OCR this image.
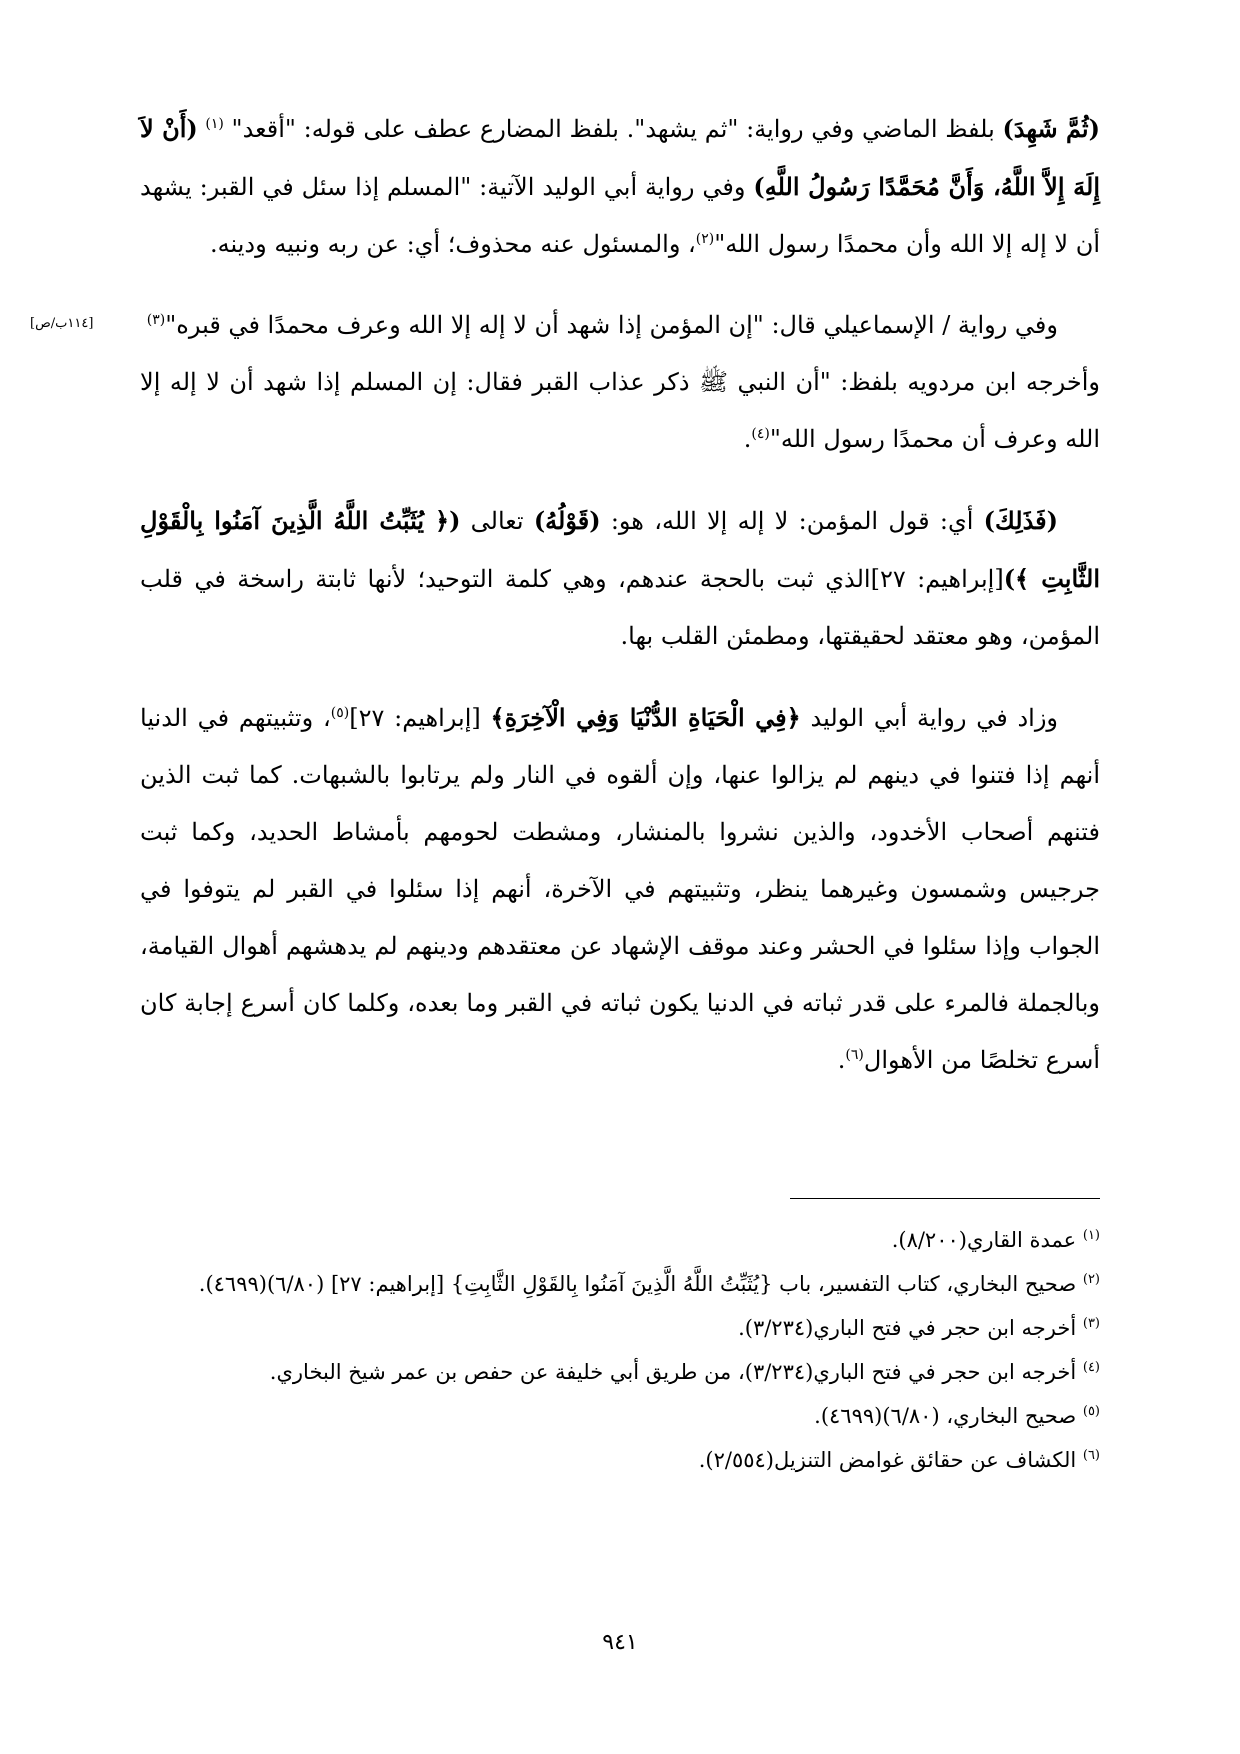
(ثُمَّ شَهِدَ) بلفظ الماضي وفي رواية: "ثم يشهد". بلفظ المضارع عطف على قوله: "أقعد" $^{(١)}$ (أَنْ لاَ إِلَهَ إِلاَّ اللَّهُ، وَأَنَّ مُحَمَّدًا رَسُولُ اللَّهِ) وفي رواية أبي الوليد الآتية: "المسلم إذا سئل في القبر: يشهد أن لا إله إلا الله وأن محمدًا رسول الله"$^{(٢)}$، والمسئول عنه محذوف؛ أي: عن ربه ونبيه ودينه.

وفي رواية / الإسماعيلي قال: "إن المؤمن إذا شهد أن لا إله إلا الله وعرف محمدًا في قبره"$^{(٣)}$
[١١٤ب/ص]

وأخرجه ابن مردويه بلفظ: "أن النبي ﷺ ذكر عذاب القبر فقال: إن المسلم إذا شهد أن لا إله إلا الله وعرف أن محمدًا رسول الله"$^{(٤)}$.

(فَذَلِكَ) أي: قول المؤمن: لا إله إلا الله، هو: (قَوْلُهُ) تعالى (﴿ يُثَبِّتُ اللَّهُ الَّذِينَ آمَنُوا بِالْقَوْلِ الثَّابِتِ ﴾)[إبراهيم: ٢٧]الذي ثبت بالحجة عندهم، وهي كلمة التوحيد؛ لأنها ثابتة راسخة في قلب المؤمن، وهو معتقد لحقيقتها، ومطمئن القلب بها.

وزاد في رواية أبي الوليد ﴿فِي الْحَيَاةِ الدُّنْيَا وَفِي الْآخِرَةِ﴾ [إبراهيم: ٢٧]$^{(٥)}$، وتثبيتهم في الدنيا أنهم إذا فتنوا في دينهم لم يزالوا عنها، وإن ألقوه في النار ولم يرتابوا بالشبهات. كما ثبت الذين فتنهم أصحاب الأخدود، والذين نشروا بالمنشار، ومشطت لحومهم بأمشاط الحديد، وكما ثبت جرجيس وشمسون وغيرهما ينظر، وتثبيتهم في الآخرة، أنهم إذا سئلوا في القبر لم يتوفوا في الجواب وإذا سئلوا في الحشر وعند موقف الإشهاد عن معتقدهم ودينهم لم يدهشهم أهوال القيامة، وبالجملة فالمرء على قدر ثباته في الدنيا يكون ثباته في القبر وما بعده، وكلما كان أسرع إجابة كان أسرع تخلصًا من الأهوال$^{(٦)}$.

$^{(١)}$ عمدة القاري(٨/٢٠٠).
$^{(٢)}$ صحيح البخاري، كتاب التفسير، باب {يُثَبِّتُ اللَّهُ الَّذِينَ آمَنُوا بِالقَوْلِ الثَّابِتِ} [إبراهيم: ٢٧] (٦/٨٠)(٤٦٩٩).
$^{(٣)}$ أخرجه ابن حجر في فتح الباري(٣/٢٣٤).
$^{(٤)}$ أخرجه ابن حجر في فتح الباري(٣/٢٣٤)، من طريق أبي خليفة عن حفص بن عمر شيخ البخاري.
$^{(٥)}$ صحيح البخاري، (٦/٨٠)(٤٦٩٩).
$^{(٦)}$ الكشاف عن حقائق غوامض التنزيل(٢/٥٥٤).
٩٤١
